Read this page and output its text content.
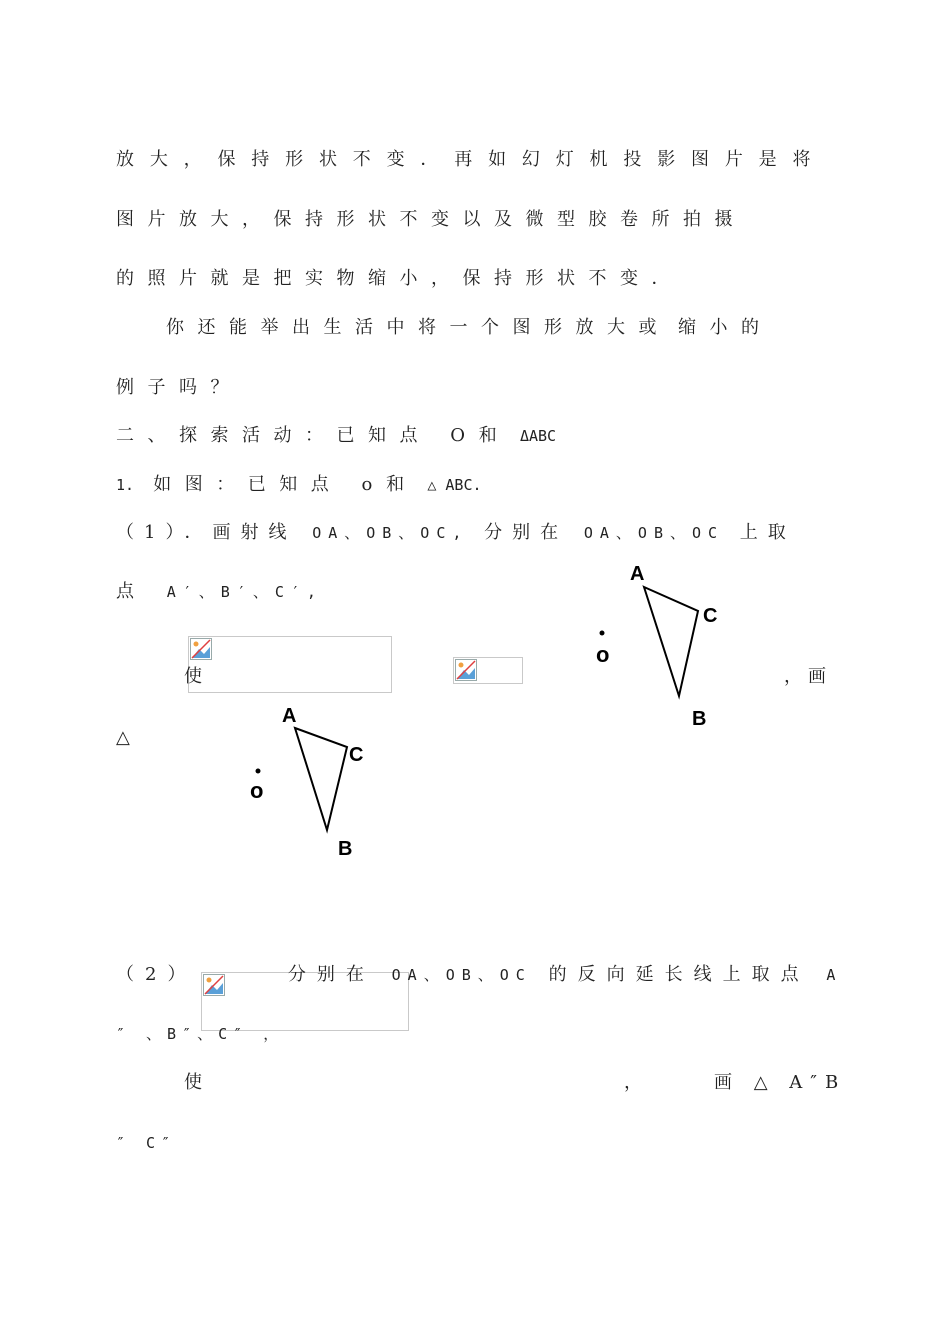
放大，保持形状不变．再如幻灯机投影图片是将
图片放大，保持形状不变以及微型胶卷所拍摄
的照片就是把实物缩小，保持形状不变．
你还能举出生活中将一个图形放大或 缩小的
例子吗？
二、探索活动：已知点 O 和 ΔABC
1. 如图：已知点 o 和 △ ABC.
（1）．画射线 OA、OB、OC, 分别在 OA、OB、OC 上取
点 A′、B′、C′,
使	，画
△
A
C
B
o
A
C
B
o
（2）	分别在 OA、OB、OC 的反向延长线上取点 A
″ 、B″、C″ ，
使	，	画 △ A″B
″ C″
